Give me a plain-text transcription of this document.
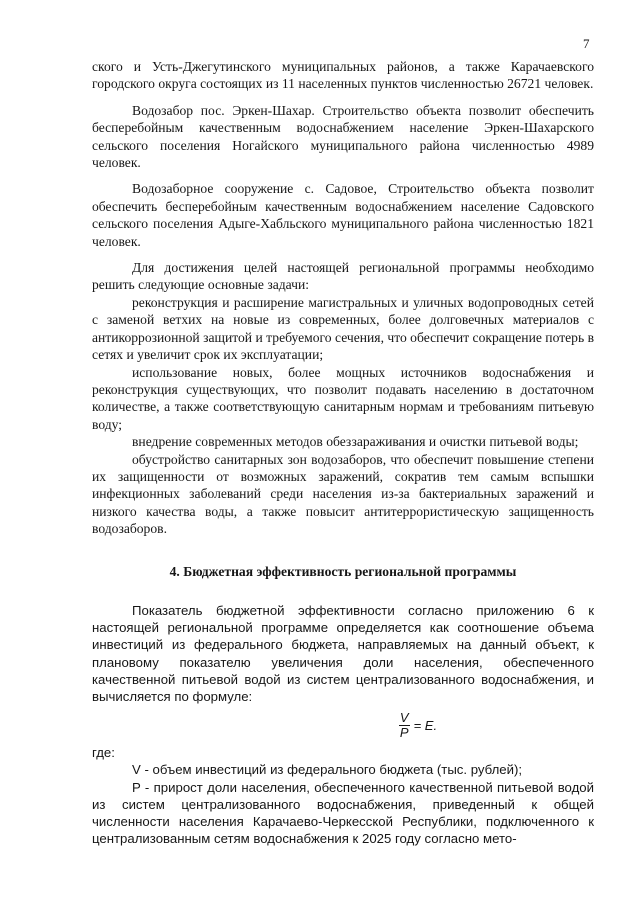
7

ского и Усть-Джегутинского муниципальных районов, а также Карачаевского городского округа состоящих из 11 населенных пунктов численностью 26721 человек.

Водозабор пос. Эркен-Шахар. Строительство объекта позволит обеспечить бесперебойным качественным водоснабжением население Эркен-Шахарского сельского поселения Ногайского муниципального района численностью 4989 человек.

Водозаборное сооружение с. Садовое, Строительство объекта позволит обеспечить бесперебойным качественным водоснабжением население Садовского сельского поселения Адыге-Хабльского муниципального района численностью 1821 человек.

Для достижения целей настоящей региональной программы необходимо решить следующие основные задачи:

реконструкция и расширение магистральных и уличных водопроводных сетей с заменой ветхих на новые из современных, более долговечных материалов с антикоррозионной защитой и требуемого сечения, что обеспечит сокращение потерь в сетях и увеличит срок их эксплуатации;

использование новых, более мощных источников водоснабжения и реконструкция существующих, что позволит подавать населению в достаточном количестве, а также соответствующую санитарным нормам и требованиям питьевую воду;

внедрение современных методов обеззараживания и очистки питьевой воды;

обустройство санитарных зон водозаборов, что обеспечит повышение степени их защищенности от возможных заражений, сократив тем самым вспышки инфекционных заболеваний среди населения из-за бактериальных заражений и низкого качества воды, а также повысит антитеррористическую защищенность водозаборов.

4. Бюджетная эффективность региональной программы

Показатель бюджетной эффективности согласно приложению 6 к настоящей региональной программе определяется как соотношение объема инвестиций из федерального бюджета, направляемых на данный объект, к плановому показателю увеличения доли населения, обеспеченного качественной питьевой водой из систем централизованного водоснабжения, и вычисляется по формуле:

$\frac{V}{P} = E$.

где:

V - объем инвестиций из федерального бюджета (тыс. рублей);

P - прирост доли населения, обеспеченного качественной питьевой водой из систем централизованного водоснабжения, приведенный к общей численности населения Карачаево-Черкесской Республики, подключенного к централизованным сетям водоснабжения к 2025 году согласно мето-
